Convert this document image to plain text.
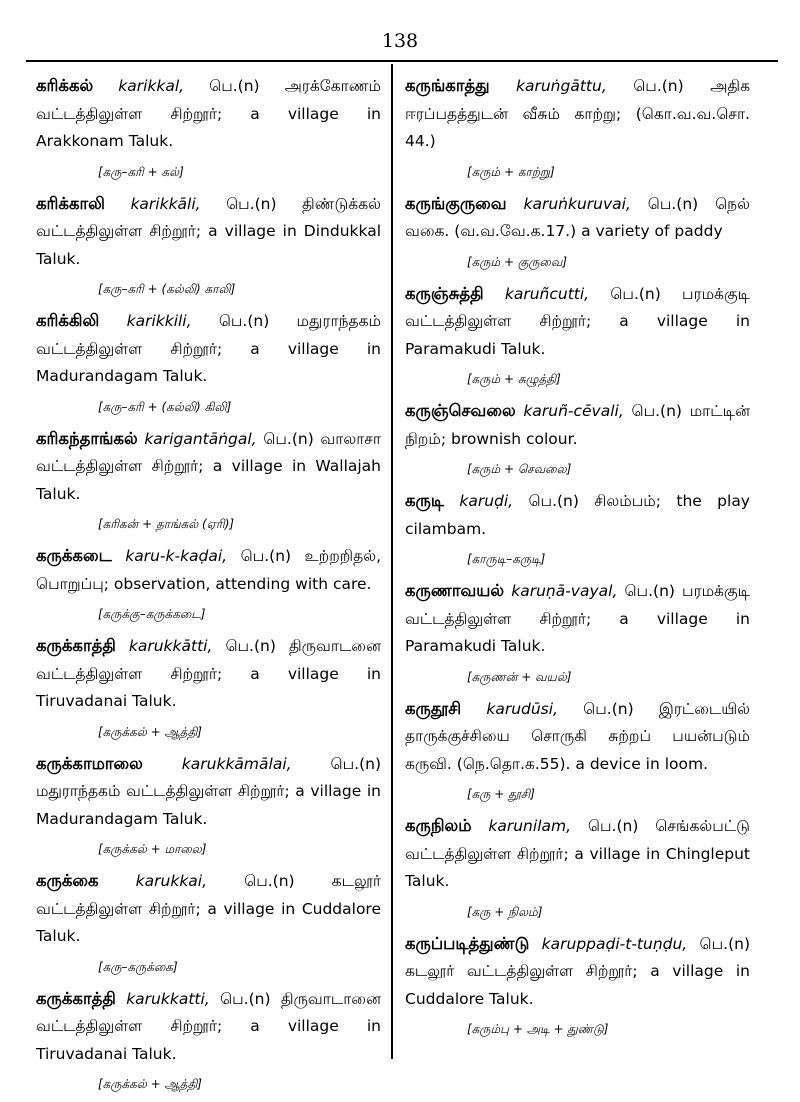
138

கரிக்கல் karikkal, பெ.(n) அரக்கோணம் வட்டத்திலுள்ள சிற்றூர்; a village in Arakkonam Taluk.

[கரு–கரி + கல்]

கரிக்காலி karikkāli, பெ.(n) திண்டுக்கல் வட்டத்திலுள்ள சிற்றூர்; a village in Dindukkal Taluk.

[கரு–கரி + (கல்லி) காலி]

கரிக்கிலி karikkili, பெ.(n) மதுராந்தகம் வட்டத்திலுள்ள சிற்றூர்; a village in Madurandagam Taluk.

[கரு–கரி + (கல்லி) கிலி]

கரிகந்தாங்கல் karigantāṅgal, பெ.(n) வாலாசா வட்டத்திலுள்ள சிற்றூர்; a village in Wallajah Taluk.

[கரிகன் + தாங்கல் (ஏரி)]

கருக்கடை karu-k-kaḍai, பெ.(n) உற்றறிதல், பொறுப்பு; observation, attending with care.

[கருக்கு–கருக்கடை]

கருக்காத்தி karukkātti, பெ.(n) திருவாடனை வட்டத்திலுள்ள சிற்றூர்; a village in Tiruvadanai Taluk.

[கருக்கல் + ஆத்தி]

கருக்காமாலை	karukkāmālai, பெ.(n) மதுராந்தகம் வட்டத்திலுள்ள சிற்றூர்; a village in Madurandagam Taluk.

[கருக்கல் + மாலை]

கருக்கை karukkai, பெ.(n) கடலூர் வட்டத்திலுள்ள சிற்றூர்; a village in Cuddalore Taluk.

[கரு–கருக்கை]

கருக்காத்தி karukkatti, பெ.(n) திருவாடானை வட்டத்திலுள்ள சிற்றூர்; a village in Tiruvadanai Taluk.

[கருக்கல் + ஆத்தி]

கருங்காத்து karuṅgāttu, பெ.(n) அதிக ஈரப்பதத்துடன் வீசும் காற்று; (கொ.வ.வ.சொ. 44.)

[கரும் + காற்று]

கருங்குருவை karuṅkuruvai, பெ.(n) நெல் வகை. (வ.வ.வே.க.17.) a variety of paddy

[கரும் + குருவை]

கருஞ்சுத்தி karuñcutti, பெ.(n) பரமக்குடி வட்டத்திலுள்ள சிற்றூர்; a village in Paramakudi Taluk.

[கரும் + சுழுத்தி]

கருஞ்செவலை karuñ-cēvali, பெ.(n) மாட்டின் நிறம்; brownish colour.

[கரும் + செவலை]

கருடி karuḍi, பெ.(n) சிலம்பம்; the play cilambam.

[காருடி–கருடி]

கருணாவயல் karuṇā-vayal, பெ.(n) பரமக்குடி வட்டத்திலுள்ள சிற்றூர்; a village in Paramakudi Taluk.

[கருணன் + வயல்]

கருதூசி karudūsi, பெ.(n) இரட்டையில் தாருக்குச்சியை சொருகி சுற்றப் பயன்படும் கருவி. (நெ.தொ.க.55). a device in loom.

[கரு + தூசி]

கருநிலம் karunilam, பெ.(n) செங்கல்பட்டு வட்டத்திலுள்ள சிற்றூர்; a village in Chingleput Taluk.

[கரு + நிலம்]

கருப்படித்துண்டு karuppaḍi-t-tuṇḍu, பெ.(n) கடலூர் வட்டத்திலுள்ள சிற்றூர்; a village in Cuddalore Taluk.

[கரும்பு + அடி + துண்டு]
